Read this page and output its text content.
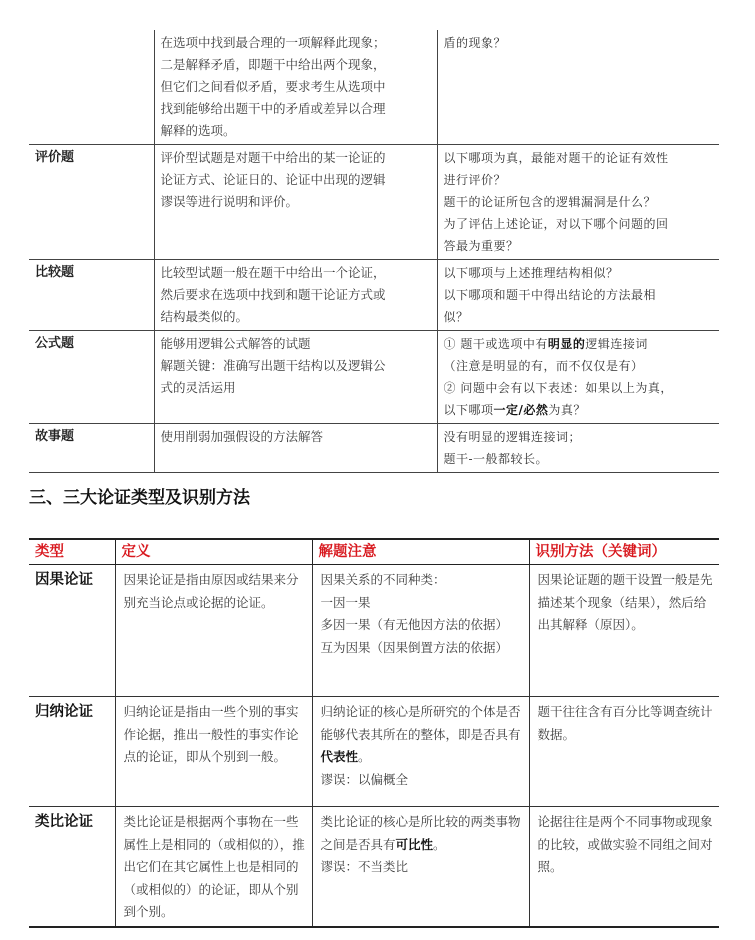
	在选项中找到最合理的一项解释此现象；
二是解释矛盾，即题干中给出两个现象，
但它们之间看似矛盾，要求考生从选项中
找到能够给出题干中的矛盾或差异以合理
解释的选项。	盾的现象？

评价题	评价型试题是对题干中给出的某一论证的
论证方式、论证日的、论证中出现的逻辑
谬误等进行说明和评价。	以下哪项为真，最能对题干的论证有效性
进行评价？
题干的论证所包含的逻辑漏洞是什么？
为了评估上述论证，对以下哪个问题的回
答最为重要？

比较题	比较型试题一般在题干中给出一个论证，
然后要求在选项中找到和题干论证方式或
结构最类似的。	以下哪项与上述推理结构相似？
以下哪项和题干中得出结论的方法最相
似？

公式题	能够用逻辑公式解答的试题
解题关键：准确写出题干结构以及逻辑公
式的灵活运用	① 题干或选项中有明显的逻辑连接词
（注意是明显的有，而不仅仅是有）
② 问题中会有以下表述：如果以上为真，
以下哪项一定/必然为真？

故事题	使用削弱加强假设的方法解答	没有明显的逻辑连接词；
题干-一般都较长。
三、三大论证类型及识别方法
类型	定义	解题注意	识别方法（关键词）
因果论证	因果论证是指由原因或结果来分别充当论点或论据的论证。	因果关系的不同种类：
一因一果
多因一果（有无他因方法的依据）
互为因果（因果倒置方法的依据）	因果论证题的题干设置一般是先描述某个现象（结果），然后给出其解释（原因）。
归纳论证	归纳论证是指由一些个别的事实作论据，推出一般性的事实作论点的论证，即从个别到一般。	归纳论证的核心是所研究的个体是否能够代表其所在的整体，即是否具有代表性。
谬误：以偏概全	题干往往含有百分比等调查统计数据。
类比论证	类比论证是根据两个事物在一些属性上是相同的（或相似的），推出它们在其它属性上也是相同的（或相似的）的论证，即从个别到个别。	类比论证的核心是所比较的两类事物之间是否具有可比性。
谬误：不当类比	论据往往是两个不同事物或现象的比较，或做实验不同组之间对照。
